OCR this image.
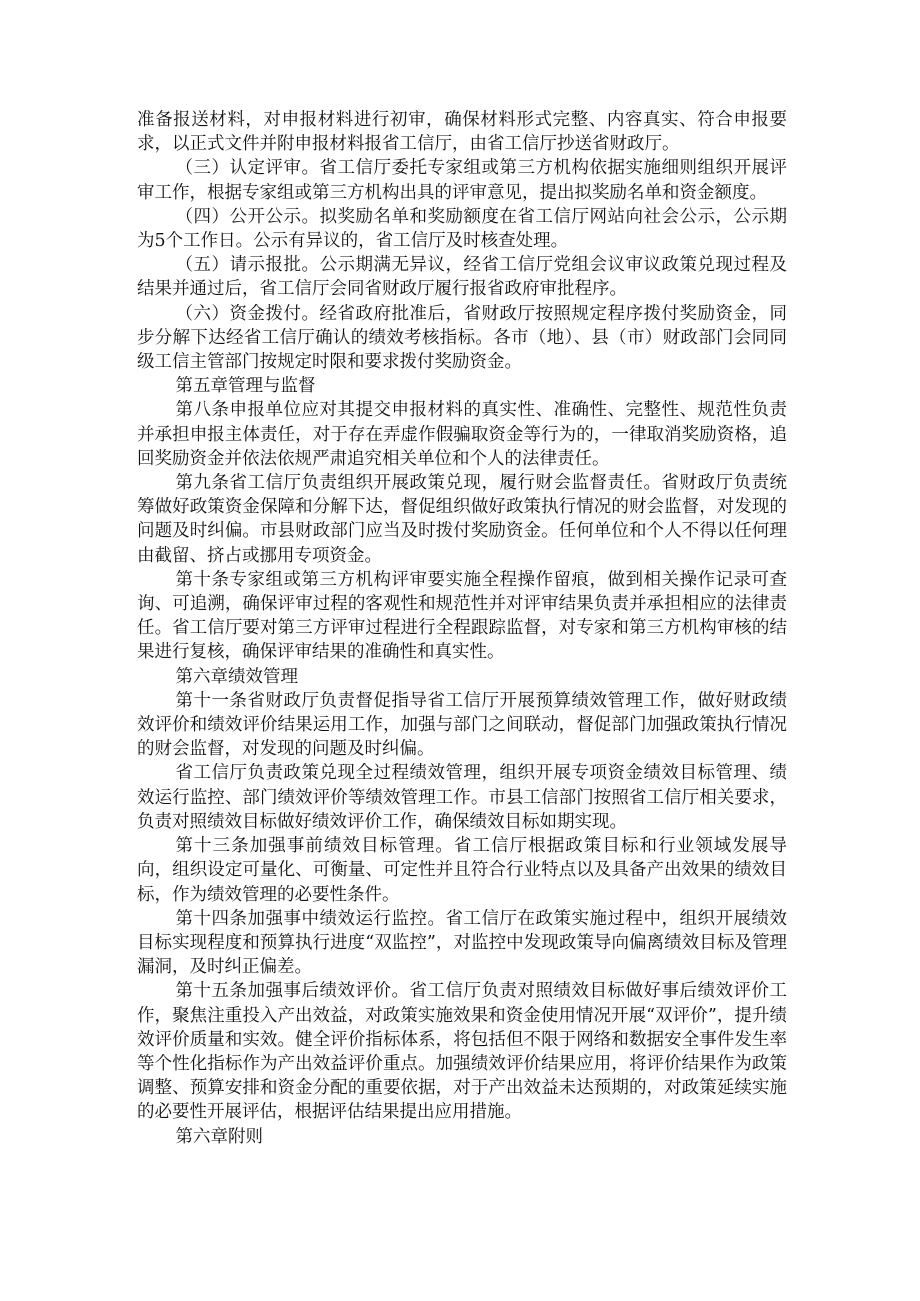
准备报送材料，对申报材料进行初审，确保材料形式完整、内容真实、符合申报要求，以正式文件并附申报材料报省工信厅，由省工信厅抄送省财政厅。

（三）认定评审。省工信厅委托专家组或第三方机构依据实施细则组织开展评审工作，根据专家组或第三方机构出具的评审意见，提出拟奖励名单和资金额度。

（四）公开公示。拟奖励名单和奖励额度在省工信厅网站向社会公示，公示期为5个工作日。公示有异议的，省工信厅及时核查处理。

（五）请示报批。公示期满无异议，经省工信厅党组会议审议政策兑现过程及结果并通过后，省工信厅会同省财政厅履行报省政府审批程序。

（六）资金拨付。经省政府批准后，省财政厅按照规定程序拨付奖励资金，同步分解下达经省工信厅确认的绩效考核指标。各市（地）、县（市）财政部门会同同级工信主管部门按规定时限和要求拨付奖励资金。

第五章管理与监督

第八条申报单位应对其提交申报材料的真实性、准确性、完整性、规范性负责并承担申报主体责任，对于存在弄虚作假骗取资金等行为的，一律取消奖励资格，追回奖励资金并依法依规严肃追究相关单位和个人的法律责任。

第九条省工信厅负责组织开展政策兑现，履行财会监督责任。省财政厅负责统筹做好政策资金保障和分解下达，督促组织做好政策执行情况的财会监督，对发现的问题及时纠偏。市县财政部门应当及时拨付奖励资金。任何单位和个人不得以任何理由截留、挤占或挪用专项资金。

第十条专家组或第三方机构评审要实施全程操作留痕，做到相关操作记录可查询、可追溯，确保评审过程的客观性和规范性并对评审结果负责并承担相应的法律责任。省工信厅要对第三方评审过程进行全程跟踪监督，对专家和第三方机构审核的结果进行复核，确保评审结果的准确性和真实性。

第六章绩效管理

第十一条省财政厅负责督促指导省工信厅开展预算绩效管理工作，做好财政绩效评价和绩效评价结果运用工作，加强与部门之间联动，督促部门加强政策执行情况的财会监督，对发现的问题及时纠偏。

省工信厅负责政策兑现全过程绩效管理，组织开展专项资金绩效目标管理、绩效运行监控、部门绩效评价等绩效管理工作。市县工信部门按照省工信厅相关要求，负责对照绩效目标做好绩效评价工作，确保绩效目标如期实现。

第十三条加强事前绩效目标管理。省工信厅根据政策目标和行业领域发展导向，组织设定可量化、可衡量、可定性并且符合行业特点以及具备产出效果的绩效目标，作为绩效管理的必要性条件。

第十四条加强事中绩效运行监控。省工信厅在政策实施过程中，组织开展绩效目标实现程度和预算执行进度“双监控”，对监控中发现政策导向偏离绩效目标及管理漏洞，及时纠正偏差。

第十五条加强事后绩效评价。省工信厅负责对照绩效目标做好事后绩效评价工作，聚焦注重投入产出效益，对政策实施效果和资金使用情况开展“双评价”，提升绩效评价质量和实效。健全评价指标体系，将包括但不限于网络和数据安全事件发生率等个性化指标作为产出效益评价重点。加强绩效评价结果应用，将评价结果作为政策调整、预算安排和资金分配的重要依据，对于产出效益未达预期的，对政策延续实施的必要性开展评估，根据评估结果提出应用措施。

第六章附则
